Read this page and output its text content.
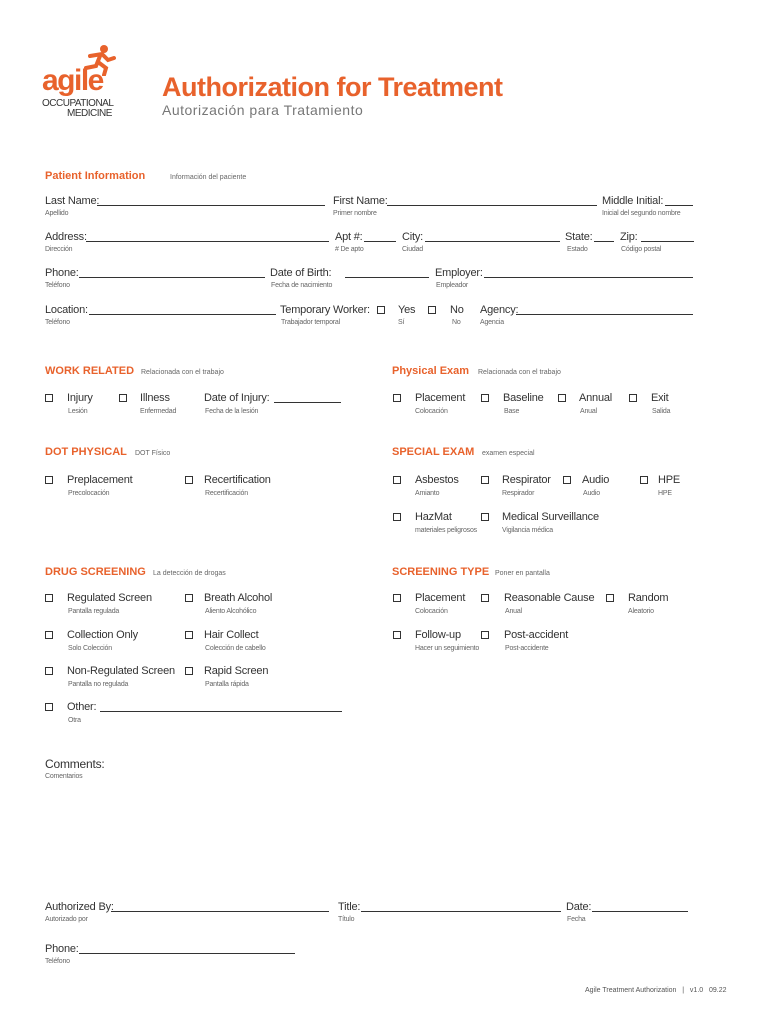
agile
OCCUPATIONAL
MEDICINE
Authorization for Treatment
Autorización para Tratamiento
Patient Information	Información del paciente
Last Name:
Apellido
First Name:
Primer nombre
Middle Initial:
Inicial del segundo nombre
Address:
Dirección
Apt #:
# De apto
City:
Ciudad
State:
Estado
Zip:
Código postal
Phone:
Teléfono
Date of Birth:
Fecha de nacimiento
Employer:
Empleador
Location:
Teléfono
Temporary Worker:
Trabajador temporal
Yes
Sí
No
No
Agency:
Agencia
WORK RELATED Relacionada con el trabajo
Injury
Lesión
Illness
Enfermedad
Date of Injury:
Fecha de la lesión
Physical Exam Relacionada con el trabajo
Placement
Colocación
Baseline
Base
Annual
Anual
Exit
Salida
DOT PHYSICAL DOT Físico
Preplacement
Precolocación
Recertification
Recertificación
SPECIAL EXAM examen especial
Asbestos
Amianto
Respirator
Respirador
Audio
Audio
HPE
HPE
HazMat
materiales peligrosos
Medical Surveillance
Vigilancia médica
DRUG SCREENING La detección de drogas
Regulated Screen
Pantalla regulada
Breath Alcohol
Aliento Alcohólico
Collection Only
Solo Colección
Hair Collect
Colección de cabello
Non-Regulated Screen
Pantalla no regulada
Rapid Screen
Pantalla rápida
Other:
Otra
SCREENING TYPE Poner en pantalla
Placement
Colocación
Reasonable Cause
Anual
Random
Aleatorio
Follow-up
Hacer un seguimiento
Post-accident
Post-accidente
Comments:
Comentarios
Authorized By:
Autorizado por
Title:
Título
Date:
Fecha
Phone:
Teléfono
Agile Treatment Authorization   |   v1.0   09.22
